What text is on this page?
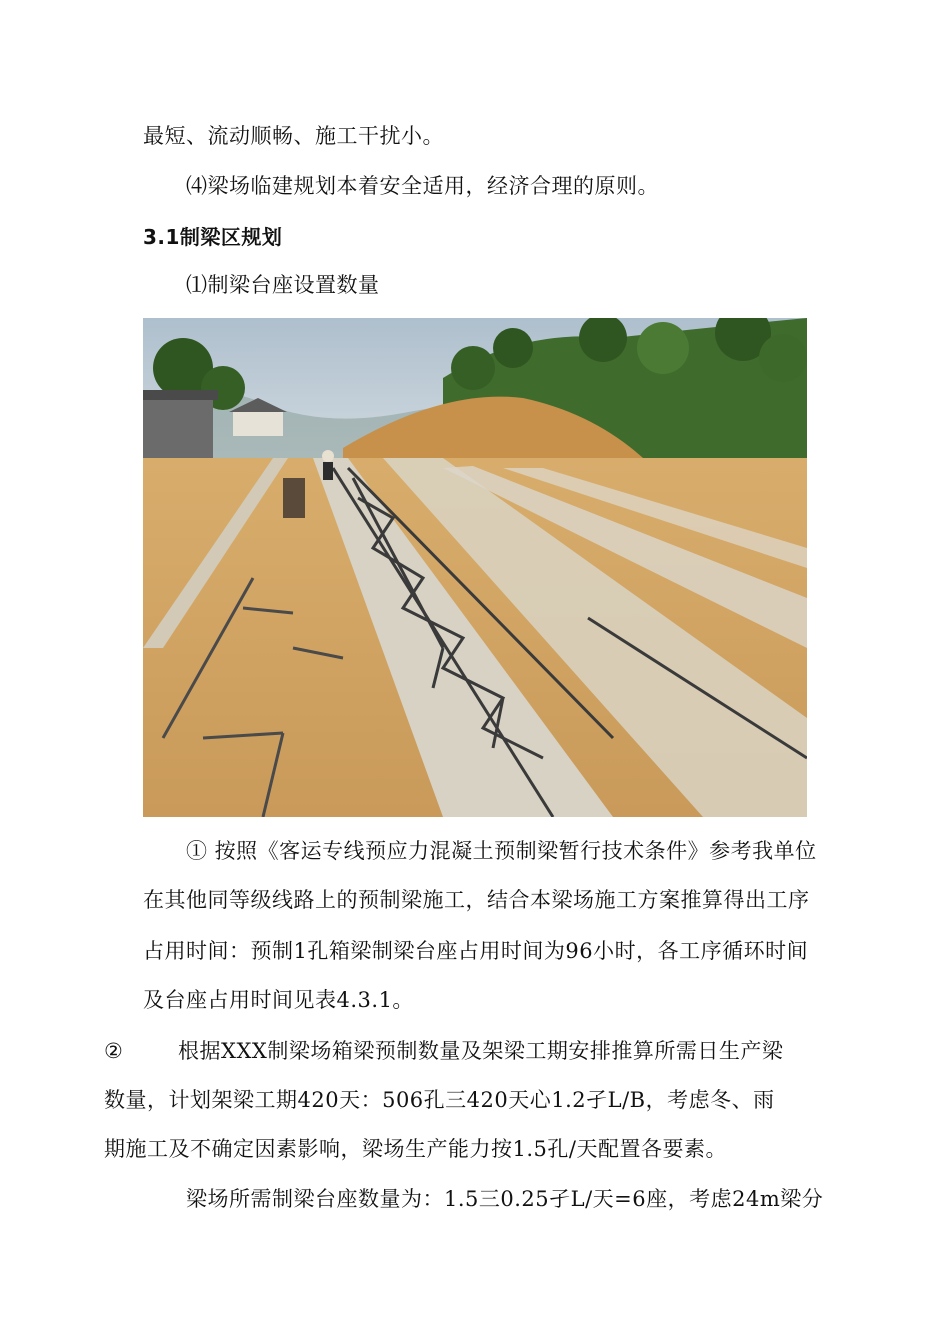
最短、流动顺畅、施工干扰小。
⑷梁场临建规划本着安全适用，经济合理的原则。
3.1制梁区规划
⑴制梁台座设置数量
① 按照《客运专线预应力混凝土预制梁暂行技术条件》参考我单位
在其他同等级线路上的预制梁施工，结合本梁场施工方案推算得出工序
占用时间：预制1孔箱梁制梁台座占用时间为96小时，各工序循环时间
及台座占用时间见表4.3.1。
②	根据XXX制梁场箱梁预制数量及架梁工期安排推算所需日生产梁
数量，计划架梁工期420天：506孔三420天心1.2孑L/B，考虑冬、雨
期施工及不确定因素影响，梁场生产能力按1.5孔/天配置各要素。
梁场所需制梁台座数量为：1.5三0.25孑L/天=6座，考虑24m梁分
